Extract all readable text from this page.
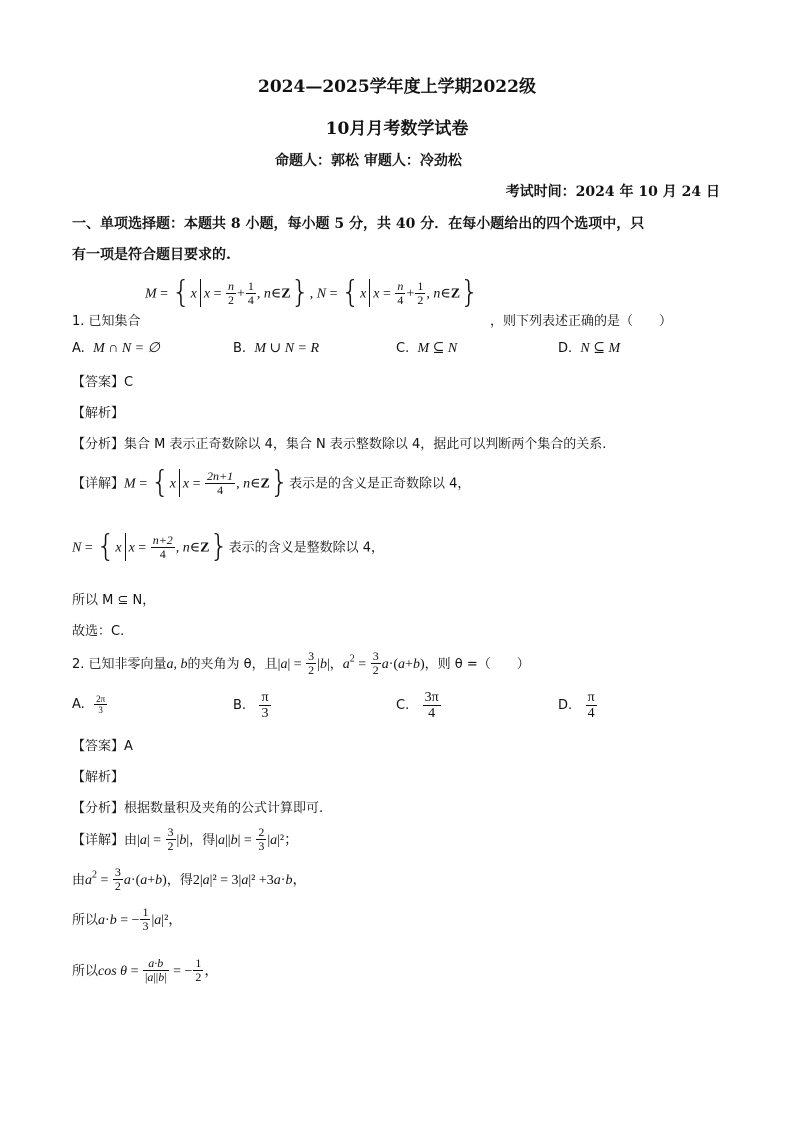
2024—2025学年度上学期2022级
10月月考数学试卷
命题人：郭松 审题人：冷劲松
考试时间：2024 年 10 月 24 日
一、单项选择题：本题共 8 小题，每小题 5 分，共 40 分．在每小题给出的四个选项中，只
有一项是符合题目要求的.
M = {x $x = \frac{n}{2} + \frac{1}{4}$ , n∈Z}, N = {x $x = \frac{n}{4} + \frac{1}{2}$ , n∈Z}
1. 已知集合	，则下列表述正确的是（　　）
A. M ∩ N = ∅	B. M ∪ N = R	C. M ⊆ N	D. N ⊆ M
【答案】C
【解析】
【分析】集合 M 表示正奇数除以 4，集合 N 表示整数除以 4，据此可以判断两个集合的关系.
【详解】M = {x $x = \frac{2n+1}{4}$ , n∈Z}表示是的含义是正奇数除以 4，
N = {x $x = \frac{n+2}{4}$ , n∈Z}表示的含义是整数除以 4，
所以 M ⊆ N，
故选：C.
2. 已知非零向量a, b的夹角为 θ，且$|a| = \frac{3}{2} |b|$，$a^2 = \frac{3}{2} a\cdot(a+b)$，则 θ =（　　）
A. $\frac{2\pi}{3}$	B. $\frac{\pi}{3}$	C. $\frac{3\pi}{4}$	D. $\frac{\pi}{4}$
【答案】A
【解析】
【分析】根据数量积及夹角的公式计算即可.
【详解】由$|a| = \frac{3}{2} |b|$，得$|a||b| = \frac{2}{3} |a|^2$；
由$a^2 = \frac{3}{2} a\cdot(a+b)$，得2|a|² = 3|a|² +3a·b，
所以a·b = − $\frac{1}{3} |a|^2$，
所以$\cos \theta = \frac{a\cdot b}{|a||b|}$ = − $\frac{1}{2}$ ，
